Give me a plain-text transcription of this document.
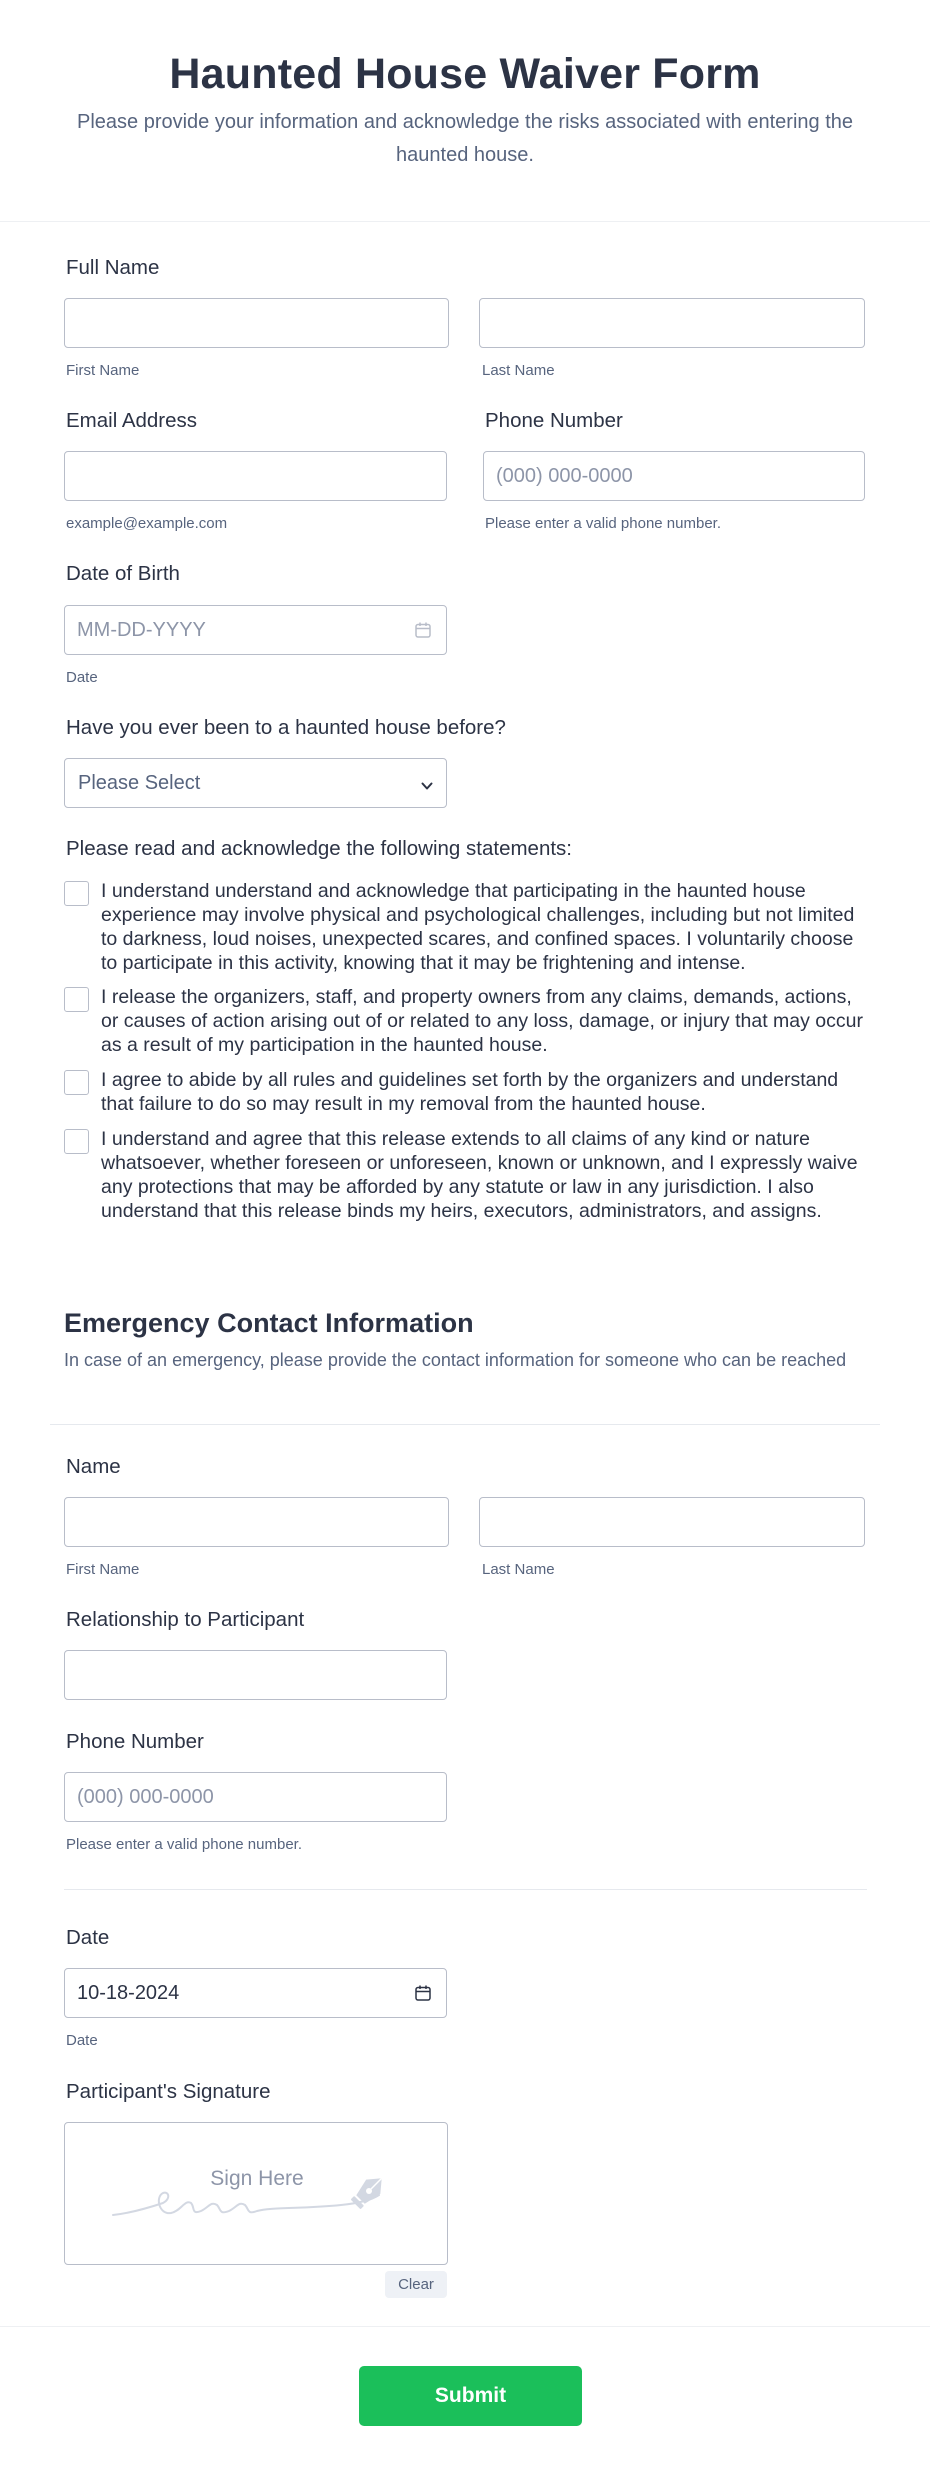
Haunted House Waiver Form

Please provide your information and acknowledge the risks associated with entering the haunted house.

Full Name
First Name	Last Name
Email Address
example@example.com
Phone Number
(000) 000-0000
Please enter a valid phone number.
Date of Birth
MM-DD-YYYY
Date
Have you ever been to a haunted house before?
Please Select
Please read and acknowledge the following statements:
I understand understand and acknowledge that participating in the haunted house experience may involve physical and psychological challenges, including but not limited to darkness, loud noises, unexpected scares, and confined spaces. I voluntarily choose to participate in this activity, knowing that it may be frightening and intense.
I release the organizers, staff, and property owners from any claims, demands, actions, or causes of action arising out of or related to any loss, damage, or injury that may occur as a result of my participation in the haunted house.
I agree to abide by all rules and guidelines set forth by the organizers and understand that failure to do so may result in my removal from the haunted house.
I understand and agree that this release extends to all claims of any kind or nature whatsoever, whether foreseen or unforeseen, known or unknown, and I expressly waive any protections that may be afforded by any statute or law in any jurisdiction. I also understand that this release binds my heirs, executors, administrators, and assigns.
Emergency Contact Information
In case of an emergency, please provide the contact information for someone who can be reached
Name
First Name	Last Name
Relationship to Participant
Phone Number
(000) 000-0000
Please enter a valid phone number.
Date
10-18-2024
Date
Participant's Signature
Sign Here
Clear
Submit
